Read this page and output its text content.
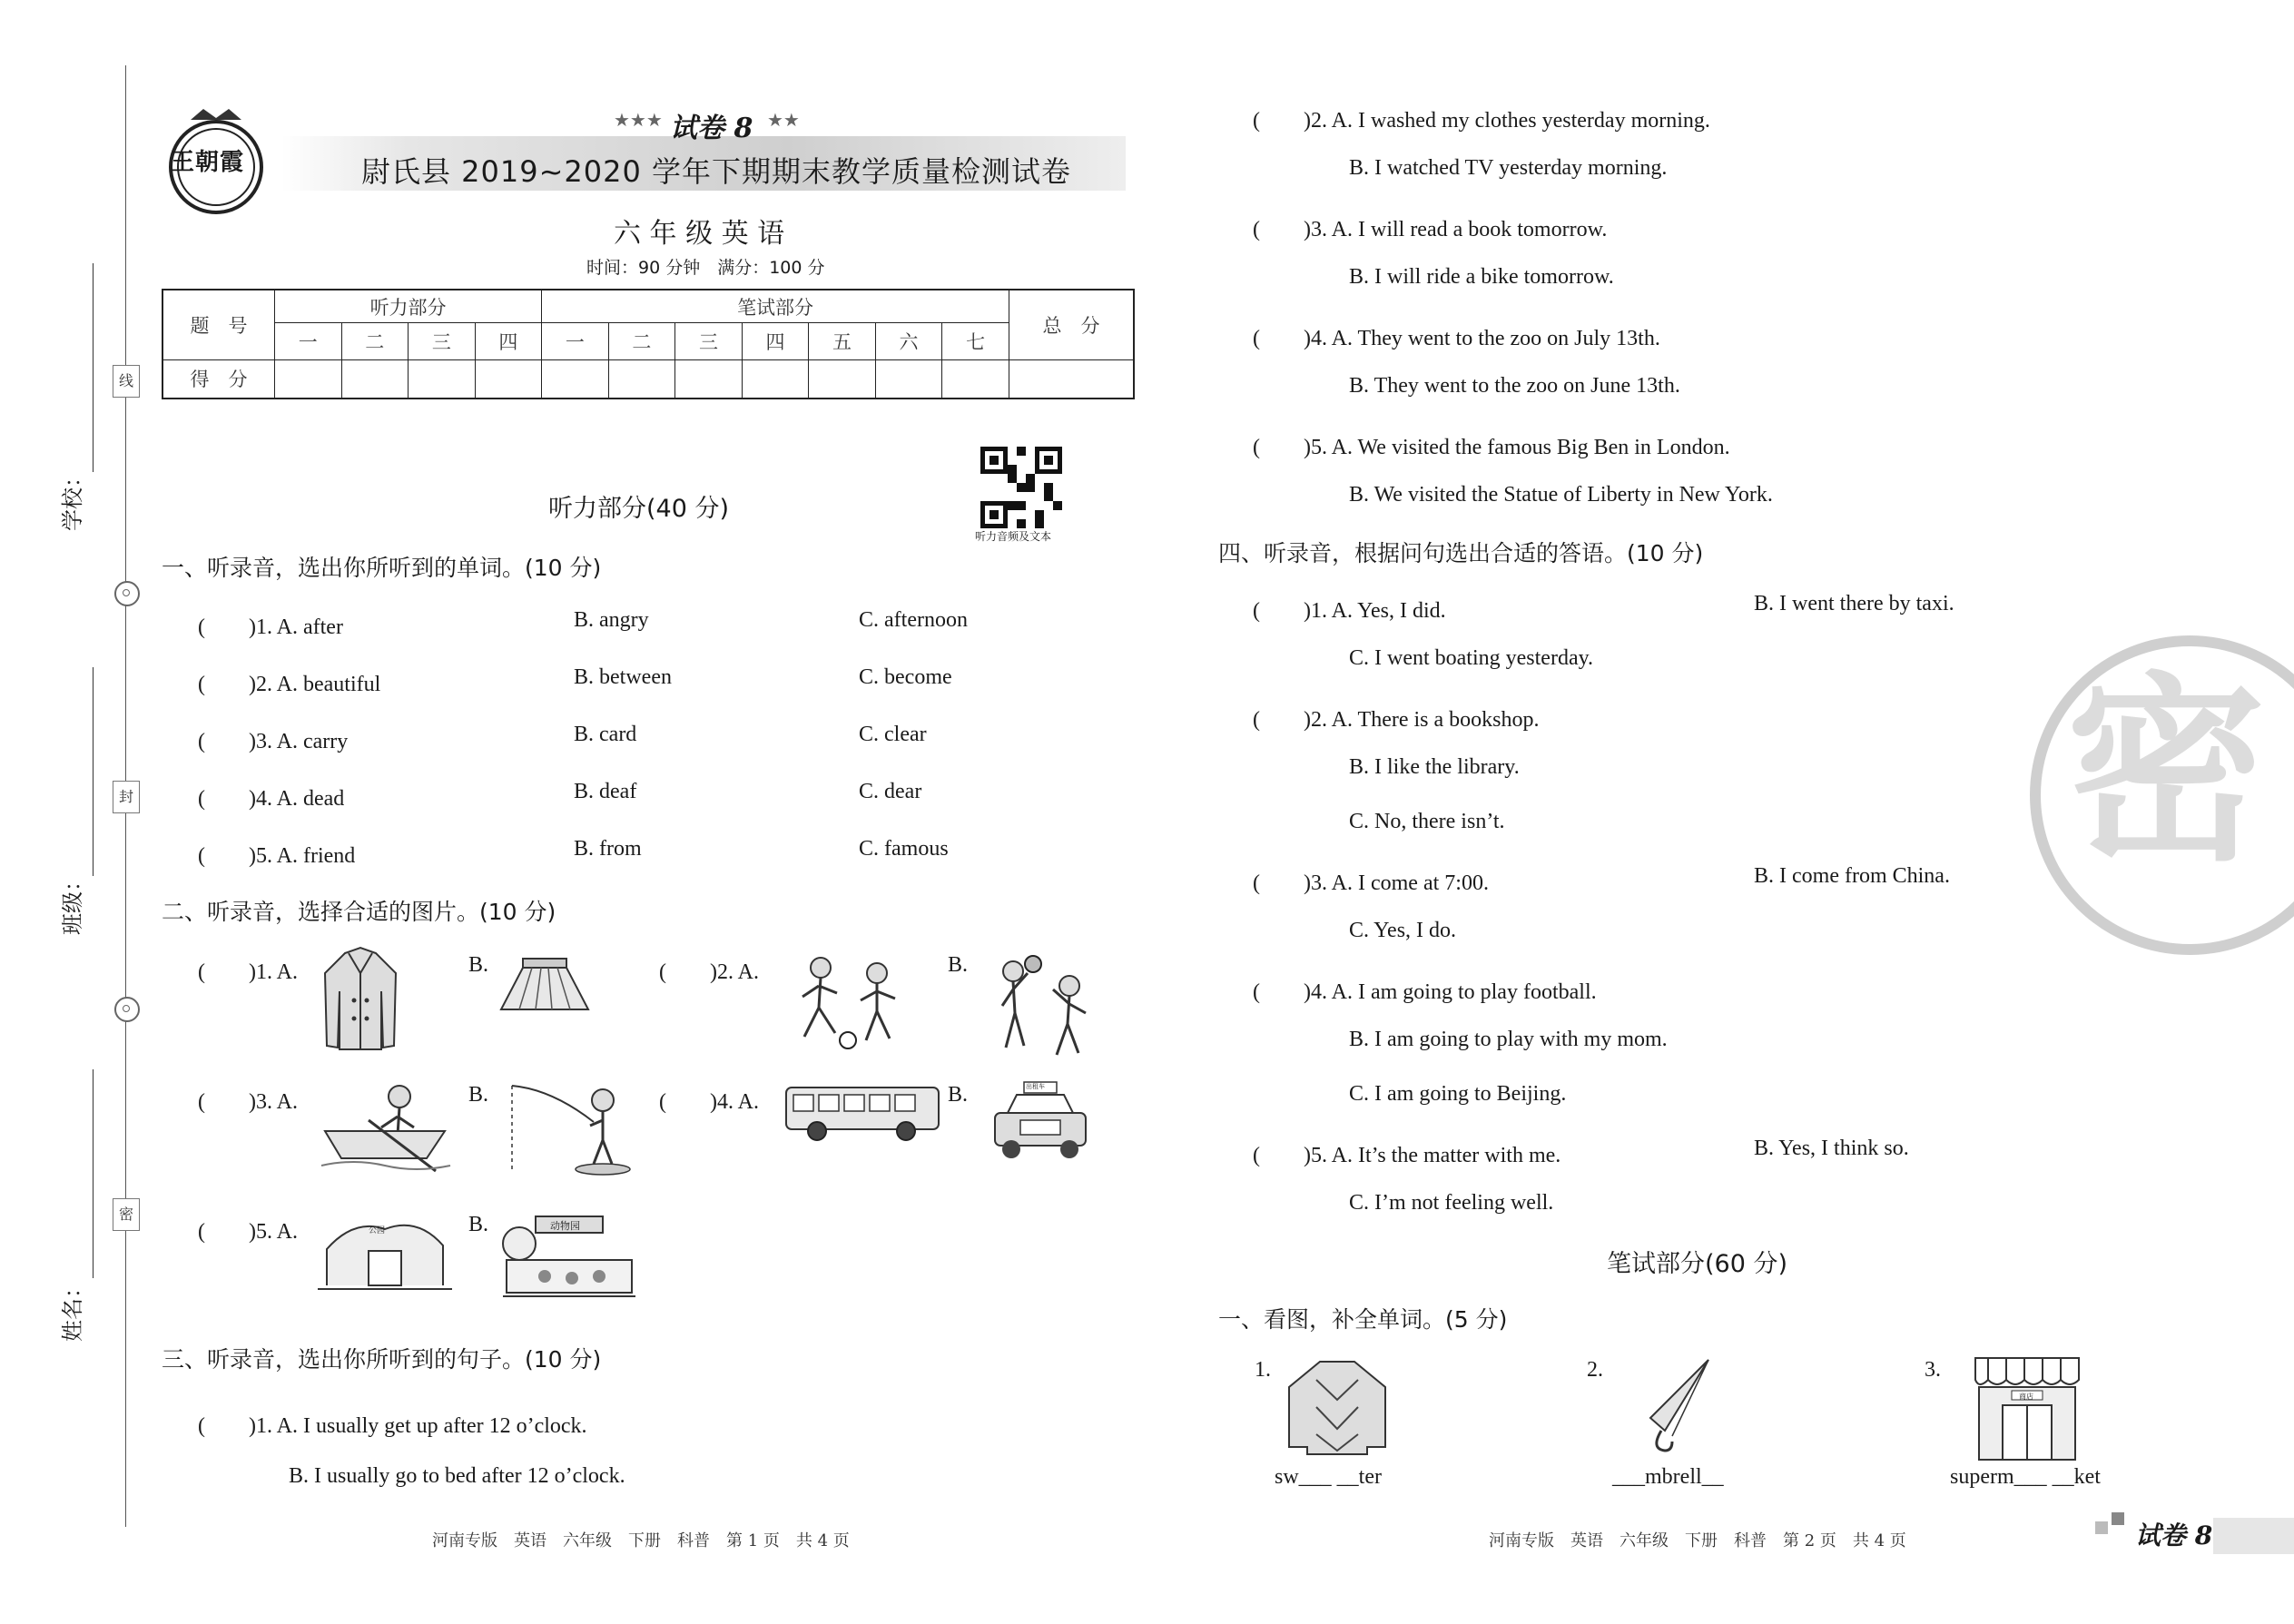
线
封
密
学校：
班级：
姓名：
王朝霞
★★★ 试卷 8 ★★
尉氏县 2019~2020 学年下期期末教学质量检测试卷
六 年 级 英 语
时间：90 分钟　满分：100 分
题　号	听力部分				笔试部分							总　分
	一	二	三	四	一	二	三	四	五	六	七	
得　分												
听力音频及文本
听力部分(40 分)
一、听录音，选出你所听到的单词。(10 分)
(　　)1. A. after	B. angry	C. afternoon
(　　)2. A. beautiful	B. between	C. become
(　　)3. A. carry	B. card	C. clear
(　　)4. A. dead	B. deaf	C. dear
(　　)5. A. friend	B. from	C. famous
二、听录音，选择合适的图片。(10 分)
(　　)1. A.	B.	(　　)2. A.	B.
(　　)3. A.	B.	(　　)4. A.	B.	出租车
(　　)5. A.	公园	B.	动物园
三、听录音，选出你所听到的句子。(10 分)
(　　)1. A. I usually get up after 12 o’clock.
B. I usually go to bed after 12 o’clock.
河南专版　英语　六年级　下册　科普　第 1 页　共 4 页
(　　)2. A. I washed my clothes yesterday morning.
B. I watched TV yesterday morning.
(　　)3. A. I will read a book tomorrow.
B. I will ride a bike tomorrow.
(　　)4. A. They went to the zoo on July 13th.
B. They went to the zoo on June 13th.
(　　)5. A. We visited the famous Big Ben in London.
B. We visited the Statue of Liberty in New York.
四、听录音，根据问句选出合适的答语。(10 分)
(　　)1. A. Yes, I did.	B. I went there by taxi.
C. I went boating yesterday.
(　　)2. A. There is a bookshop.
B. I like the library.
C. No, there isn’t.
(　　)3. A. I come at 7:00.	B. I come from China.
C. Yes, I do.
(　　)4. A. I am going to play football.
B. I am going to play with my mom.
C. I am going to Beijing.
(　　)5. A. It’s the matter with me.	B. Yes, I think so.
C. I’m not feeling well.
笔试部分(60 分)
一、看图，补全单词。(5 分)
1.
sw___ __ter
2.
___mbrell__
3.
商店
superm___ __ket
河南专版　英语　六年级　下册　科普　第 2 页　共 4 页	试卷 8
密
